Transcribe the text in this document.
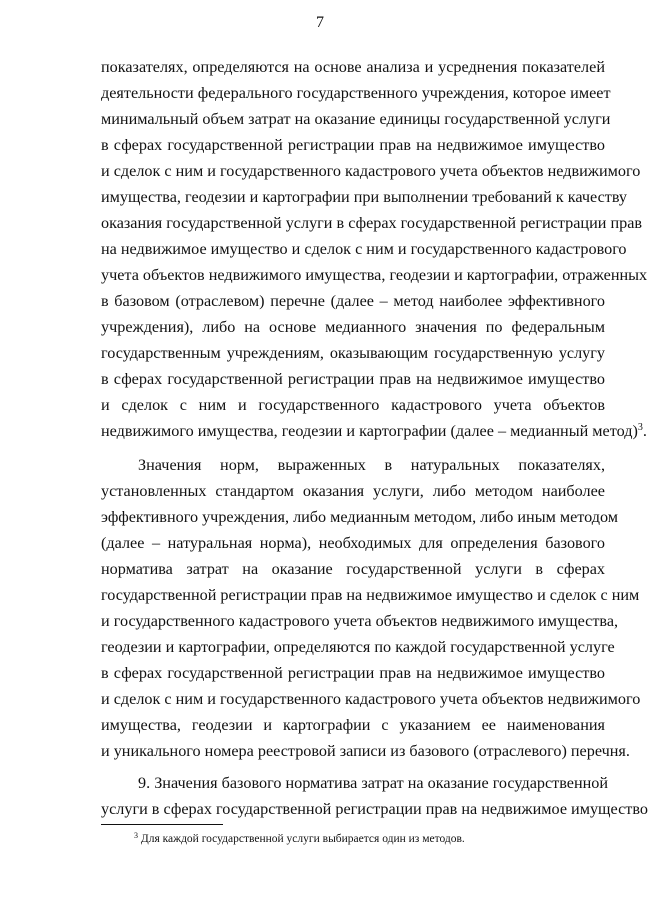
7
показателях, определяются на основе анализа и усреднения показателей
деятельности федерального государственного учреждения, которое имеет
минимальный объем затрат на оказание единицы государственной услуги
в сферах государственной регистрации прав на недвижимое имущество
и сделок с ним и государственного кадастрового учета объектов недвижимого
имущества, геодезии и картографии при выполнении требований к качеству
оказания государственной услуги в сферах государственной регистрации прав
на недвижимое имущество и сделок с ним и государственного кадастрового
учета объектов недвижимого имущества, геодезии и картографии, отраженных
в базовом (отраслевом) перечне (далее – метод наиболее эффективного
учреждения), либо на основе медианного значения по федеральным
государственным учреждениям, оказывающим государственную услугу
в сферах государственной регистрации прав на недвижимое имущество
и сделок с ним и государственного кадастрового учета объектов
недвижимого имущества, геодезии и картографии (далее – медианный метод)$^3$.
Значения норм, выраженных в натуральных показателях,
установленных стандартом оказания услуги, либо методом наиболее
эффективного учреждения, либо медианным методом, либо иным методом
(далее – натуральная норма), необходимых для определения базового
норматива затрат на оказание государственной услуги в сферах
государственной регистрации прав на недвижимое имущество и сделок с ним
и государственного кадастрового учета объектов недвижимого имущества,
геодезии и картографии, определяются по каждой государственной услуге
в сферах государственной регистрации прав на недвижимое имущество
и сделок с ним и государственного кадастрового учета объектов недвижимого
имущества, геодезии и картографии с указанием ее наименования
и уникального номера реестровой записи из базового (отраслевого) перечня.
9. Значения базового норматива затрат на оказание государственной
услуги в сферах государственной регистрации прав на недвижимое имущество
$^3$ Для каждой государственной услуги выбирается один из методов.
